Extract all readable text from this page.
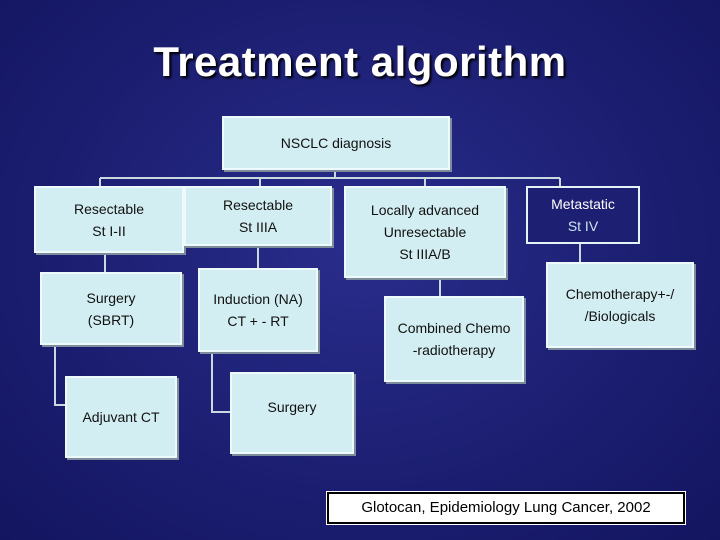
Treatment algorithm
NSCLC diagnosis
Resectable
St I-II
Resectable
St IIIA
Locally advanced
Unresectable
St IIIA/B
Metastatic
St IV
Surgery
(SBRT)
Induction (NA)
CT + - RT	Combined Chemo
-radiotherapy
Chemotherapy+-/
/Biologicals
Adjuvant CT
Surgery
Glotocan, Epidemiology Lung Cancer, 2002
